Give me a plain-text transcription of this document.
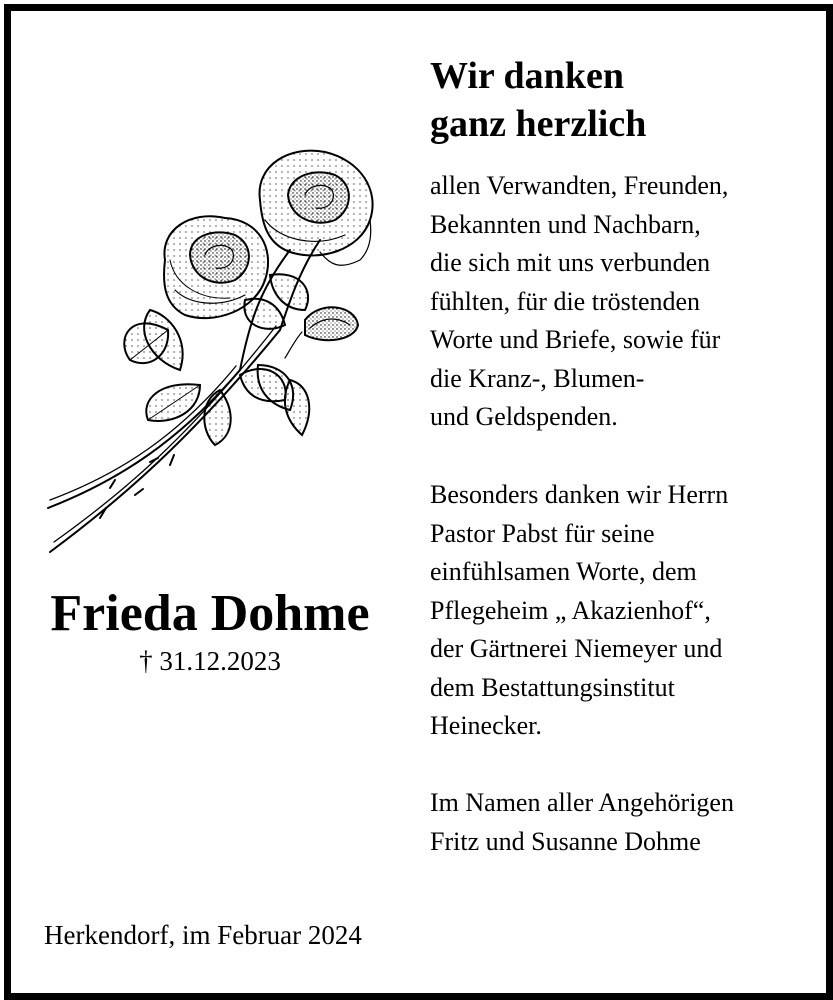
Frieda Dohme
† 31.12.2023
Herkendorf, im Februar 2024
Wir danken
ganz herzlich
allen Verwandten, Freunden,
Bekannten und Nachbarn,
die sich mit uns verbunden
fühlten, für die tröstenden
Worte und Briefe, sowie für
die Kranz-, Blumen-
und Geldspenden.
Besonders danken wir Herrn
Pastor Pabst für seine
einfühlsamen Worte, dem
Pflegeheim „ Akazienhof“,
der Gärtnerei Niemeyer und
dem Bestattungsinstitut
Heinecker.
Im Namen aller Angehörigen
Fritz und Susanne Dohme
